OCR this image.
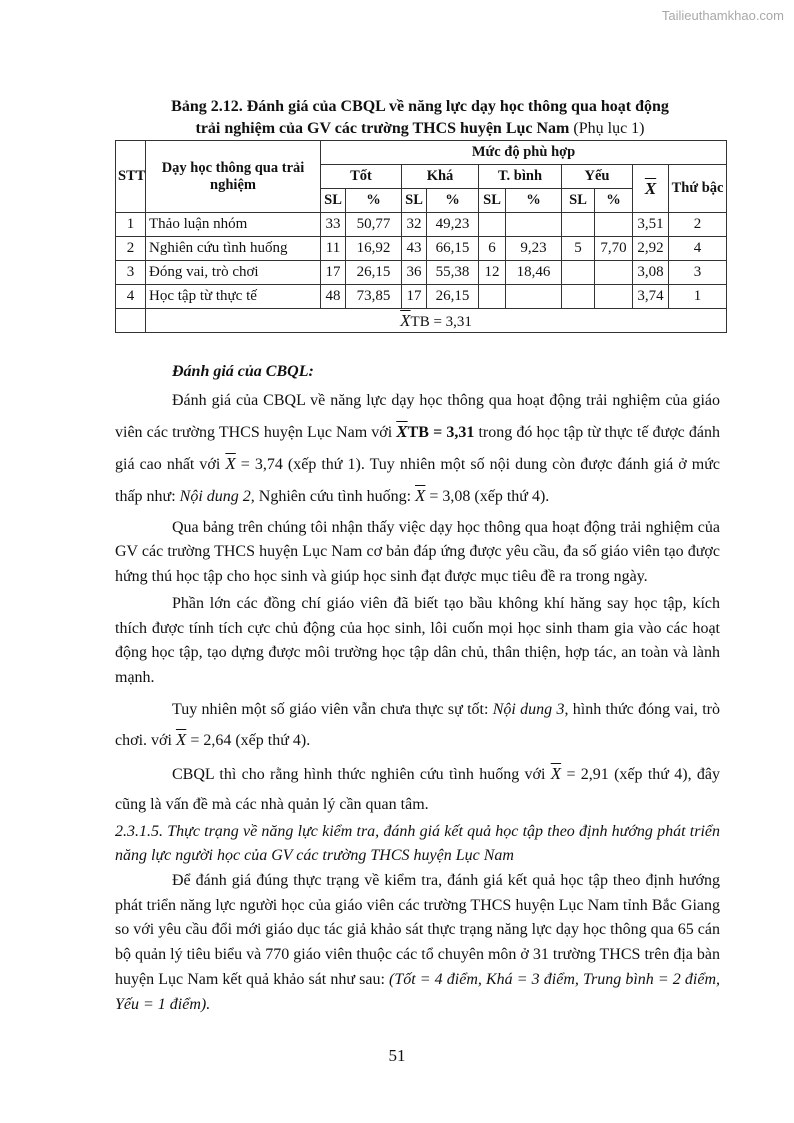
Tailieuthamkhao.com
Bảng 2.12. Đánh giá của CBQL về năng lực dạy học thông qua hoạt động
trải nghiệm của GV các trường THCS huyện Lục Nam (Phụ lục 1)
STT	Dạy học thông qua trải nghiệm	Mức độ phù hợp									
		Tốt		Khá		T. bình		Yếu		$\overline{X}$	Thứ bậc
		SL	%	SL	%	SL	%	SL	%		
1	Thảo luận nhóm	33	50,77	32	49,23					3,51	2
2	Nghiên cứu tình huống	11	16,92	43	66,15	6	9,23	5	7,70	2,92	4
3	Đóng vai, trò chơi	17	26,15	36	55,38	12	18,46			3,08	3
4	Học tập từ thực tế	48	73,85	17	26,15					3,74	1
	$\overline{X}TB = 3,31$										

Đánh giá của CBQL:

Đánh giá của CBQL về năng lực dạy học thông qua hoạt động trải nghiệm của giáo viên các trường THCS huyện Lục Nam với $\overline{X}TB = 3,31$ trong đó học tập từ thực tế được đánh giá cao nhất với $\overline{X} = 3,74$ (xếp thứ 1). Tuy nhiên một số nội dung còn được đánh giá ở mức thấp như: Nội dung 2, Nghiên cứu tình huống: $\overline{X} = 3,08$ (xếp thứ 4).

Qua bảng trên chúng tôi nhận thấy việc dạy học thông qua hoạt động trải nghiệm của GV các trường THCS huyện Lục Nam cơ bản đáp ứng được yêu cầu, đa số giáo viên tạo được hứng thú học tập cho học sinh và giúp học sinh đạt được mục tiêu đề ra trong ngày.

Phần lớn các đồng chí giáo viên đã biết tạo bầu không khí hăng say học tập, kích thích được tính tích cực chủ động của học sinh, lôi cuốn mọi học sinh tham gia vào các hoạt động học tập, tạo dựng được môi trường học tập dân chủ, thân thiện, hợp tác, an toàn và lành mạnh.

Tuy nhiên một số giáo viên vẫn chưa thực sự tốt: Nội dung 3, hình thức đóng vai, trò chơi. với $\overline{X} = 2,64$ (xếp thứ 4).

CBQL thì cho rằng hình thức nghiên cứu tình huống với $\overline{X} = 2,91$ (xếp thứ 4), đây cũng là vấn đề mà các nhà quản lý cần quan tâm.

2.3.1.5. Thực trạng về năng lực kiểm tra, đánh giá kết quả học tập theo định hướng phát triển năng lực người học của GV các trường THCS huyện Lục Nam

Để đánh giá đúng thực trạng về kiểm tra, đánh giá kết quả học tập theo định hướng phát triển năng lực người học của giáo viên các trường THCS huyện Lục Nam tỉnh Bắc Giang so với yêu cầu đổi mới giáo dục tác giả khảo sát thực trạng năng lực dạy học thông qua 65 cán bộ quản lý tiêu biểu và 770 giáo viên thuộc các tổ chuyên môn ở 31 trường THCS trên địa bàn huyện Lục Nam kết quả khảo sát như sau: (Tốt = 4 điểm, Khá = 3 điểm, Trung bình = 2 điểm, Yếu = 1 điểm).

51
